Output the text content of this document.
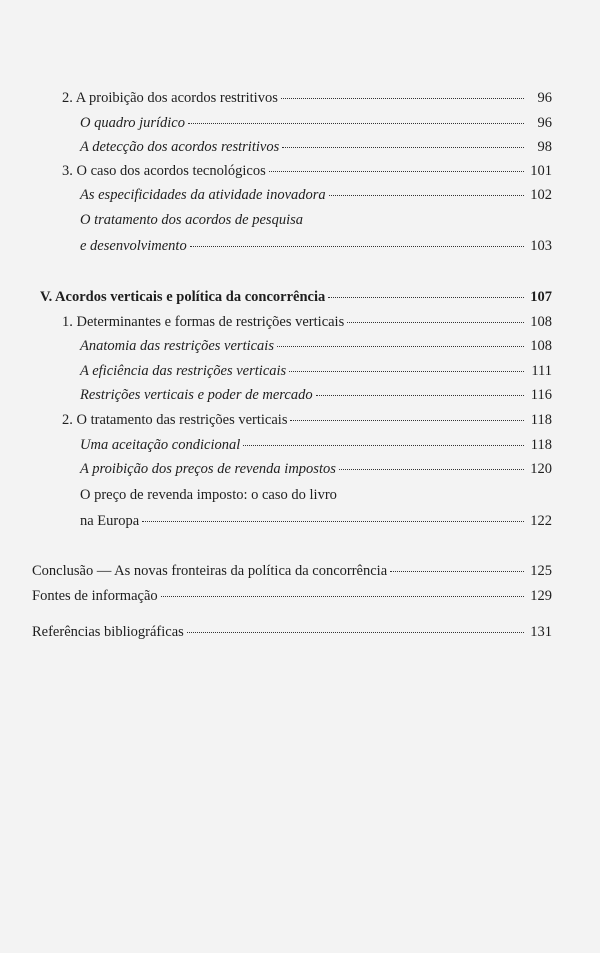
2. A proibição dos acordos restritivos	96
O quadro jurídico	96
A detecção dos acordos restritivos	98
3. O caso dos acordos tecnológicos	101
As especificidades da atividade inovadora	102
O tratamento dos acordos de pesquisa
e desenvolvimento	103
V. Acordos verticais e política da concorrência	107
1. Determinantes e formas de restrições verticais	108
Anatomia das restrições verticais	108
A eficiência das restrições verticais	111
Restrições verticais e poder de mercado	116
2. O tratamento das restrições verticais	118
Uma aceitação condicional	118
A proibição dos preços de revenda impostos	120
O preço de revenda imposto: o caso do livro
na Europa	122
Conclusão — As novas fronteiras da política da concorrência	125
Fontes de informação	129
Referências bibliográficas	131
